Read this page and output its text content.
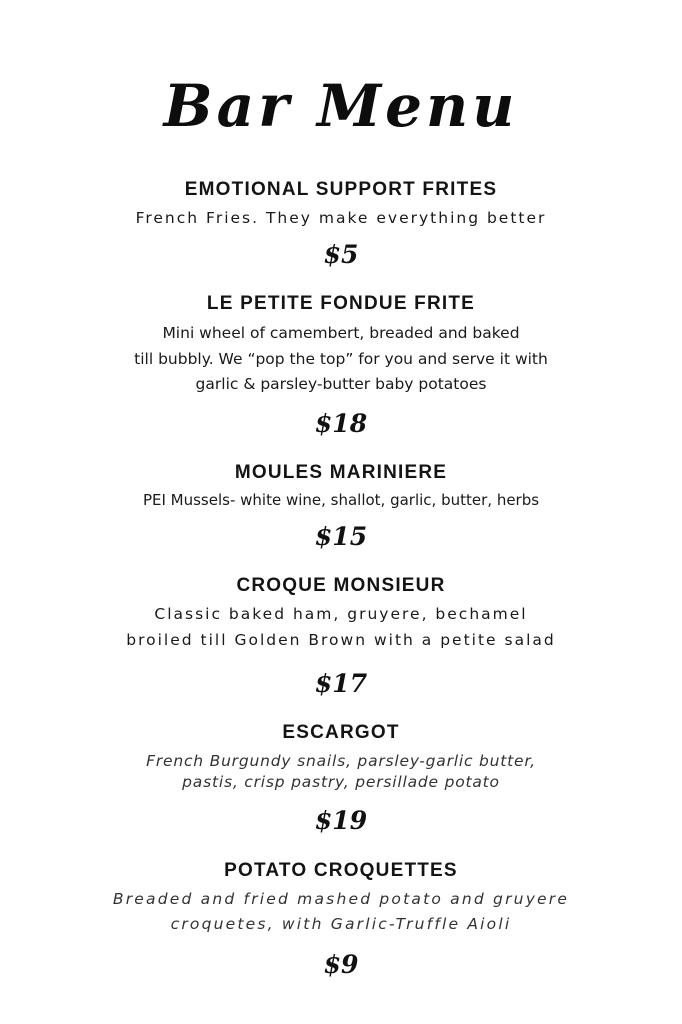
Bar Menu
EMOTIONAL SUPPORT FRITES
French Fries. They make everything better
$5
LE PETITE FONDUE FRITE
Mini wheel of camembert, breaded and baked
till bubbly. We “pop the top” for you and serve it with
garlic & parsley-butter baby potatoes
$18
MOULES MARINIERE
PEI Mussels- white wine, shallot, garlic, butter, herbs
$15
CROQUE MONSIEUR
Classic baked ham, gruyere, bechamel
broiled till Golden Brown with a petite salad
$17
ESCARGOT
French Burgundy snails, parsley-garlic butter,
pastis, crisp pastry, persillade potato
$19
POTATO CROQUETTES
Breaded and fried mashed potato and gruyere
croquetes, with Garlic-Truffle Aioli
$9
